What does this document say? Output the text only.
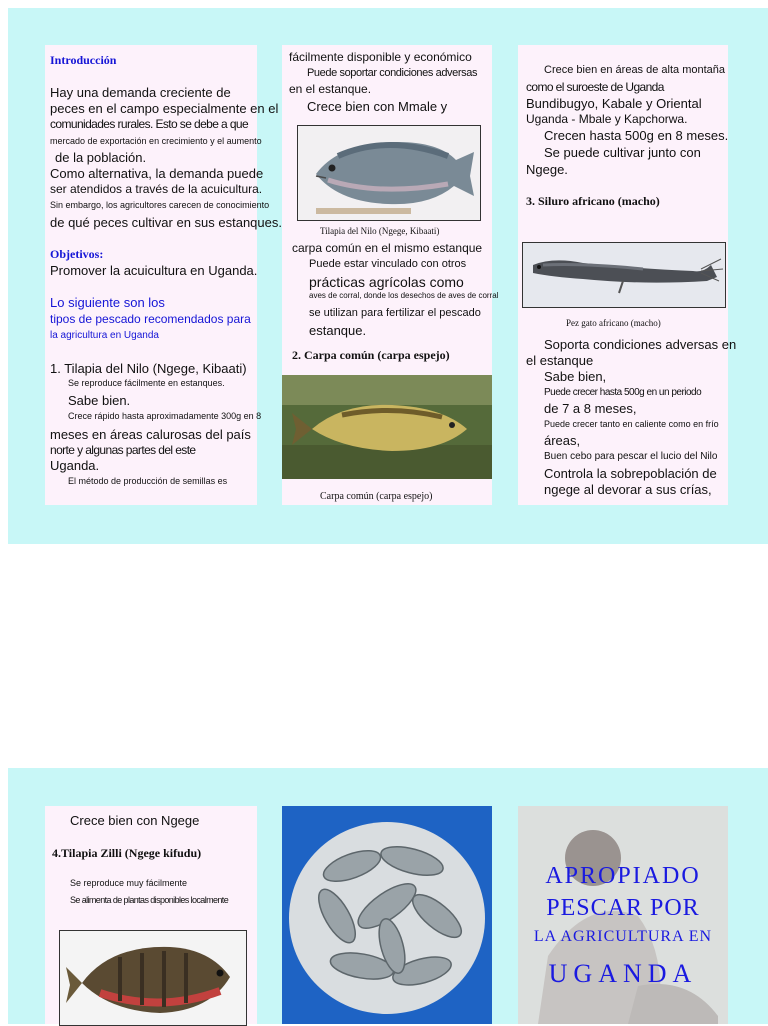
Introducción
Hay una demanda creciente de
peces en el campo especialmente en el
comunidades rurales. Esto se debe a que
mercado de exportación en crecimiento y el aumento
de la población.
Como alternativa, la demanda puede
ser atendidos a través de la acuicultura.
Sin embargo, los agricultores carecen de conocimiento
de qué peces cultivar en sus estanques.
Objetivos:
Promover la acuicultura en Uganda.
Lo siguiente son los
tipos de pescado recomendados para
la agricultura en Uganda
1. Tilapia del Nilo (Ngege, Kibaati)
Se reproduce fácilmente en estanques.
Sabe bien.
Crece rápido hasta aproximadamente 300g en 8
meses en áreas calurosas del país
norte y algunas partes del este
Uganda.
El método de producción de semillas es
fácilmente disponible y económico
Puede soportar condiciones adversas
en el estanque.
Crece bien con Mmale y
Tilapia del Nilo (Ngege, Kibaati)
carpa común en el mismo estanque
Puede estar vinculado con otros
prácticas agrícolas como
aves de corral, donde los desechos de aves de corral
se utilizan para fertilizar el pescado
estanque.
2. Carpa común (carpa espejo)
Carpa común (carpa espejo)
Crece bien en áreas de alta montaña
como el suroeste de Uganda
Bundibugyo, Kabale y Oriental
Uganda - Mbale y Kapchorwa.
Crecen hasta 500g en 8 meses.
Se puede cultivar junto con
Ngege.
3. Siluro africano (macho)
Pez gato africano (macho)
Soporta condiciones adversas en
el estanque
Sabe bien,
Puede crecer hasta 500g en un periodo
de 7 a 8 meses,
Puede crecer tanto en caliente como en frío
áreas,
Buen cebo para pescar el lucio del Nilo
Controla la sobrepoblación de
ngege al devorar a sus crías,
Crece bien con Ngege
4.Tilapia Zilli (Ngege kifudu)
Se reproduce muy fácilmente
Se alimenta de plantas disponibles localmente
APROPIADO
PESCAR POR
LA AGRICULTURA EN
UGANDA
